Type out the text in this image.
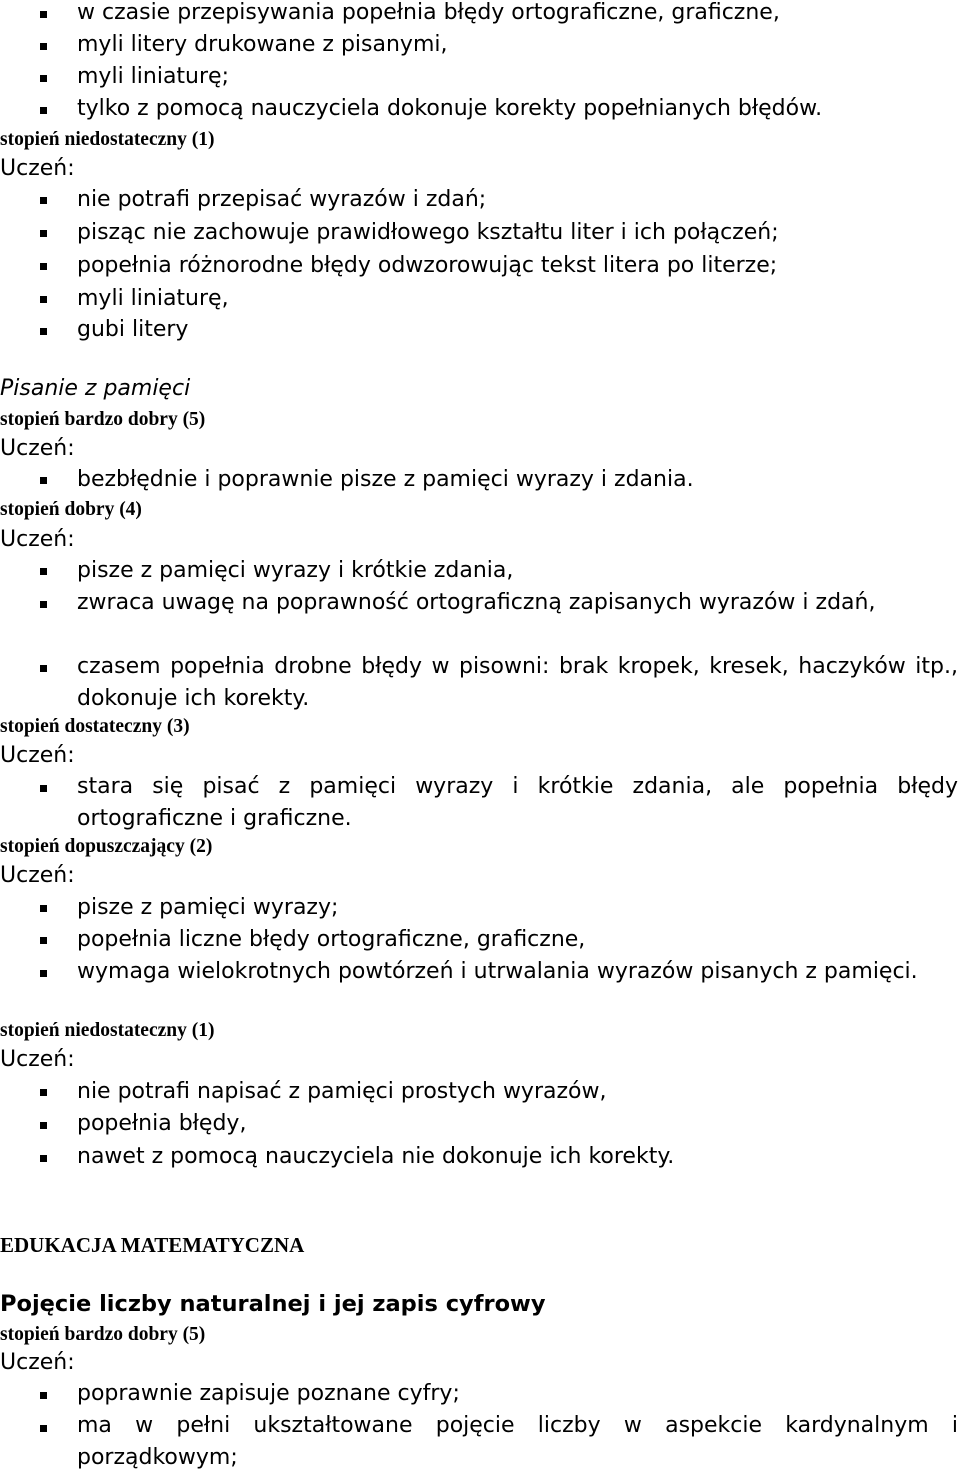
w czasie przepisywania popełnia błędy ortograficzne, graficzne,
myli litery drukowane z pisanymi,
myli liniaturę;
tylko z pomocą nauczyciela dokonuje korekty popełnianych błędów.
stopień niedostateczny (1)
Uczeń:
nie potrafi przepisać wyrazów i zdań;
pisząc nie zachowuje prawidłowego kształtu liter i ich połączeń;
popełnia różnorodne błędy odwzorowując tekst litera po literze;
myli liniaturę,
gubi litery
Pisanie z pamięci
stopień bardzo dobry (5)
Uczeń:
bezbłędnie i poprawnie pisze z pamięci wyrazy i zdania.
stopień dobry (4)
Uczeń:
pisze z pamięci wyrazy i krótkie zdania,
zwraca uwagę na poprawność ortograficzną zapisanych wyrazów i zdań,
czasem popełnia drobne błędy w pisowni: brak kropek, kresek, haczyków itp., dokonuje ich korekty.
stopień dostateczny (3)
Uczeń:
stara się pisać z pamięci wyrazy i krótkie zdania, ale popełnia błędy ortograficzne i graficzne.
stopień dopuszczający (2)
Uczeń:
pisze z pamięci wyrazy;
popełnia liczne błędy ortograficzne, graficzne,
wymaga wielokrotnych powtórzeń i utrwalania wyrazów pisanych z pamięci.
stopień niedostateczny (1)
Uczeń:
nie potrafi napisać z pamięci prostych wyrazów,
popełnia błędy,
nawet z pomocą nauczyciela nie dokonuje ich korekty.
EDUKACJA MATEMATYCZNA
Pojęcie liczby naturalnej i jej zapis cyfrowy
stopień bardzo dobry (5)
Uczeń:
poprawnie zapisuje poznane cyfry;
ma w pełni ukształtowane pojęcie liczby w aspekcie kardynalnym i porządkowym;
